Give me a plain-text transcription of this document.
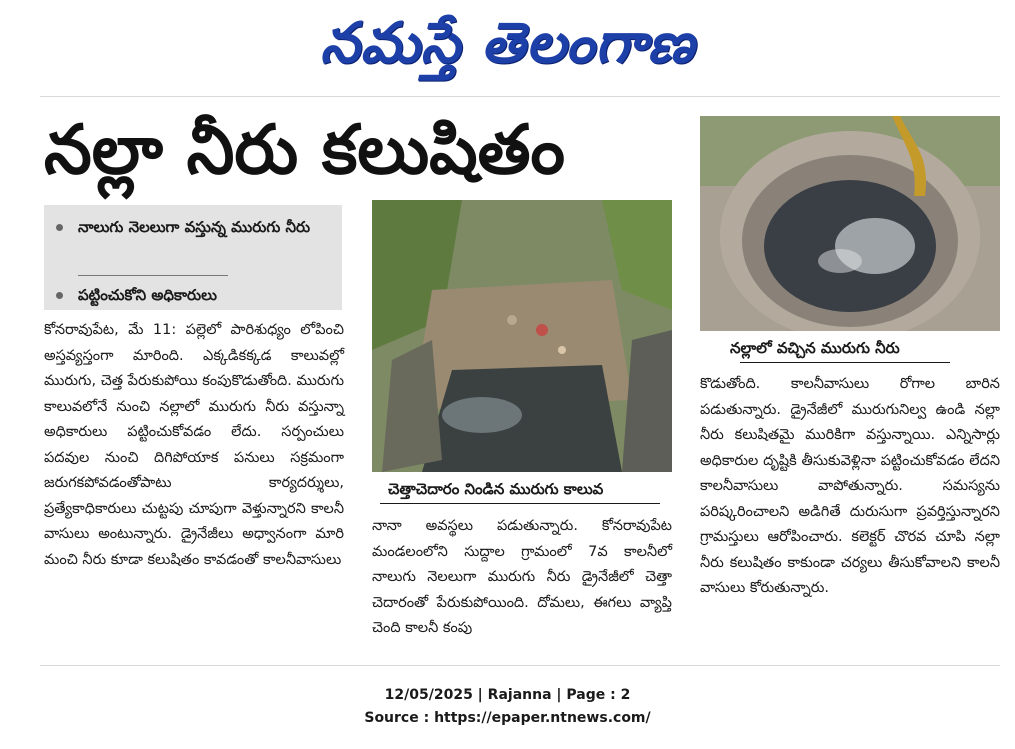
నమస్తే తెలంగాణ
నల్లా నీరు కలుషితం
నాలుగు నెలలుగా వస్తున్న మురుగు నీరు
పట్టించుకోని అధికారులు

కోనరావుపేట, మే 11: పల్లెలో పారిశుధ్యం లోపించి అస్తవ్యస్తంగా మారింది. ఎక్కడికక్కడ కాలువల్లో మురుగు, చెత్త పేరుకుపోయి కంపుకొడుతోంది. మురుగు కాలువలోనే నుంచి నల్లాలో మురుగు నీరు వస్తున్నా అధికారులు పట్టించుకోవడం లేదు. సర్పంచులు పదవుల నుంచి దిగిపోయాక పనులు సక్రమంగా జరుగకపోవడంతోపాటు కార్యదర్శులు, ప్రత్యేకాధికారులు చుట్టపు చూపుగా వెళ్తున్నారని కాలనీ వాసులు అంటున్నారు. డ్రైనేజీలు అధ్వానంగా మారి మంచి నీరు కూడా కలుషితం కావడంతో కాలనీవాసులు

చెత్తాచెదారం నిండిన మురుగు కాలువ

నానా అవస్థలు పడుతున్నారు. కోనరావుపేట మండలంలోని సుద్దాల గ్రామంలో 7వ కాలనీలో నాలుగు నెలలుగా మురుగు నీరు డ్రైనేజీలో చెత్తా చెదారంతో పేరుకుపోయింది. దోమలు, ఈగలు వ్యాప్తి చెంది కాలనీ కంపు

నల్లాలో వచ్చిన మురుగు నీరు

కొడుతోంది. కాలనీవాసులు రోగాల బారిన పడుతున్నారు. డ్రైనేజీలో మురుగునిల్వ ఉండి నల్లా నీరు కలుషితమై మురికిగా వస్తున్నాయి. ఎన్నిసార్లు అధికారుల దృష్టికి తీసుకువెళ్లినా పట్టించుకోవడం లేదని కాలనీవాసులు వాపోతున్నారు. సమస్యను పరిష్కరించాలని అడిగితే దురుసుగా ప్రవర్తిస్తున్నారని గ్రామస్తులు ఆరోపించారు. కలెక్టర్ చొరవ చూపి నల్లా నీరు కలుషితం కాకుండా చర్యలు తీసుకోవాలని కాలనీ వాసులు కోరుతున్నారు.

12/05/2025 | Rajanna | Page : 2
Source : https://epaper.ntnews.com/
